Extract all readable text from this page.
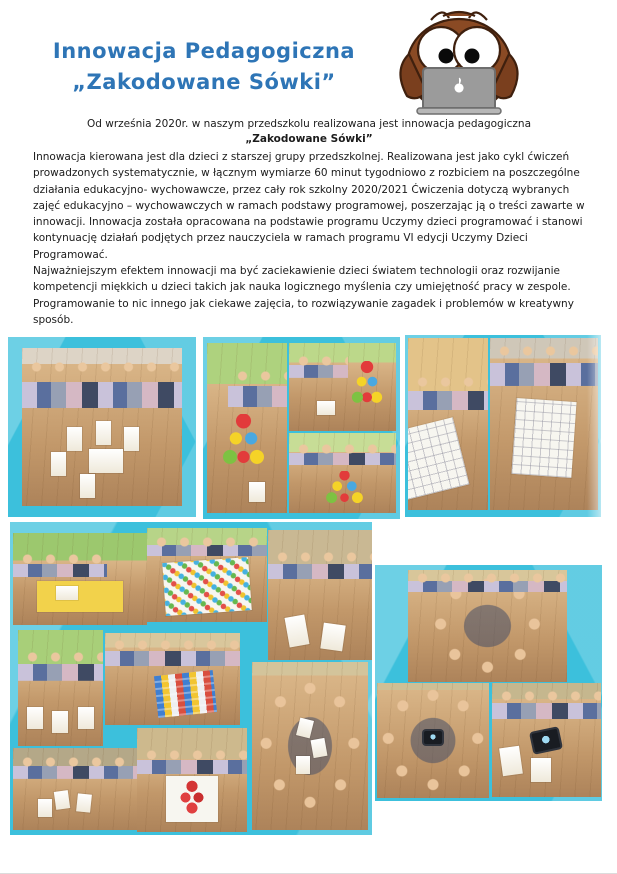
Innowacja Pedagogiczna
„Zakodowane Sówki”
Od września 2020r. w naszym przedszkolu realizowana jest innowacja pedagogiczna
„Zakodowane Sówki”

Innowacja kierowana jest dla dzieci z starszej grupy przedszkolnej. Realizowana jest jako cykl ćwiczeń prowadzonych systematycznie, w łącznym wymiarze 60 minut tygodniowo z rozbiciem na poszczególne działania edukacyjno- wychowawcze, przez cały rok szkolny 2020/2021 Ćwiczenia dotyczą wybranych zajęć edukacyjno – wychowawczych w ramach podstawy programowej, poszerzając ją o treści zawarte w innowacji. Innowacja została opracowana na podstawie programu Uczymy dzieci programować i stanowi kontynuację działań podjętych przez nauczyciela w ramach programu VI edycji Uczymy Dzieci Programować.

Najważniejszym efektem innowacji ma być zaciekawienie dzieci światem technologii oraz rozwijanie kompetencji miękkich u dzieci takich jak nauka logicznego myślenia czy umiejętność pracy w zespole.

Programowanie to nic innego jak ciekawe zajęcia, to rozwiązywanie zagadek i problemów w kreatywny sposób.
